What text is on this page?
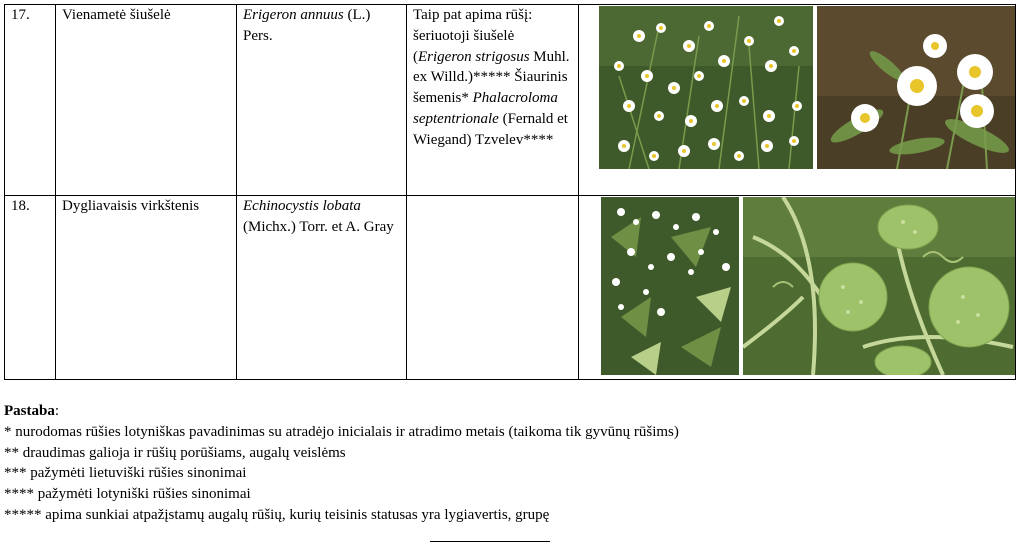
17.	Vienametė šiušelė	Erigeron annuus (L.) Pers.	Taip pat apima rūšį: šeriuotoji šiušelė (Erigeron strigosus Muhl. ex Willd.)***** Šiaurinis šemenis* Phalacroloma septentrionale (Fernald et Wiegand) Tzvelev****

18.	Dygliavaisis virkštenis	Echinocystis lobata (Michx.) Torr. et A. Gray

Pastaba:
* nurodomas rūšies lotyniškas pavadinimas su atradėjo inicialais ir atradimo metais (taikoma tik gyvūnų rūšims)
** draudimas galioja ir rūšių porūšiams, augalų veislėms
*** pažymėti lietuviški rūšies sinonimai
**** pažymėti lotyniški rūšies sinonimai
***** apima sunkiai atpažįstamų augalų rūšių, kurių teisinis statusas yra lygiavertis, grupę
